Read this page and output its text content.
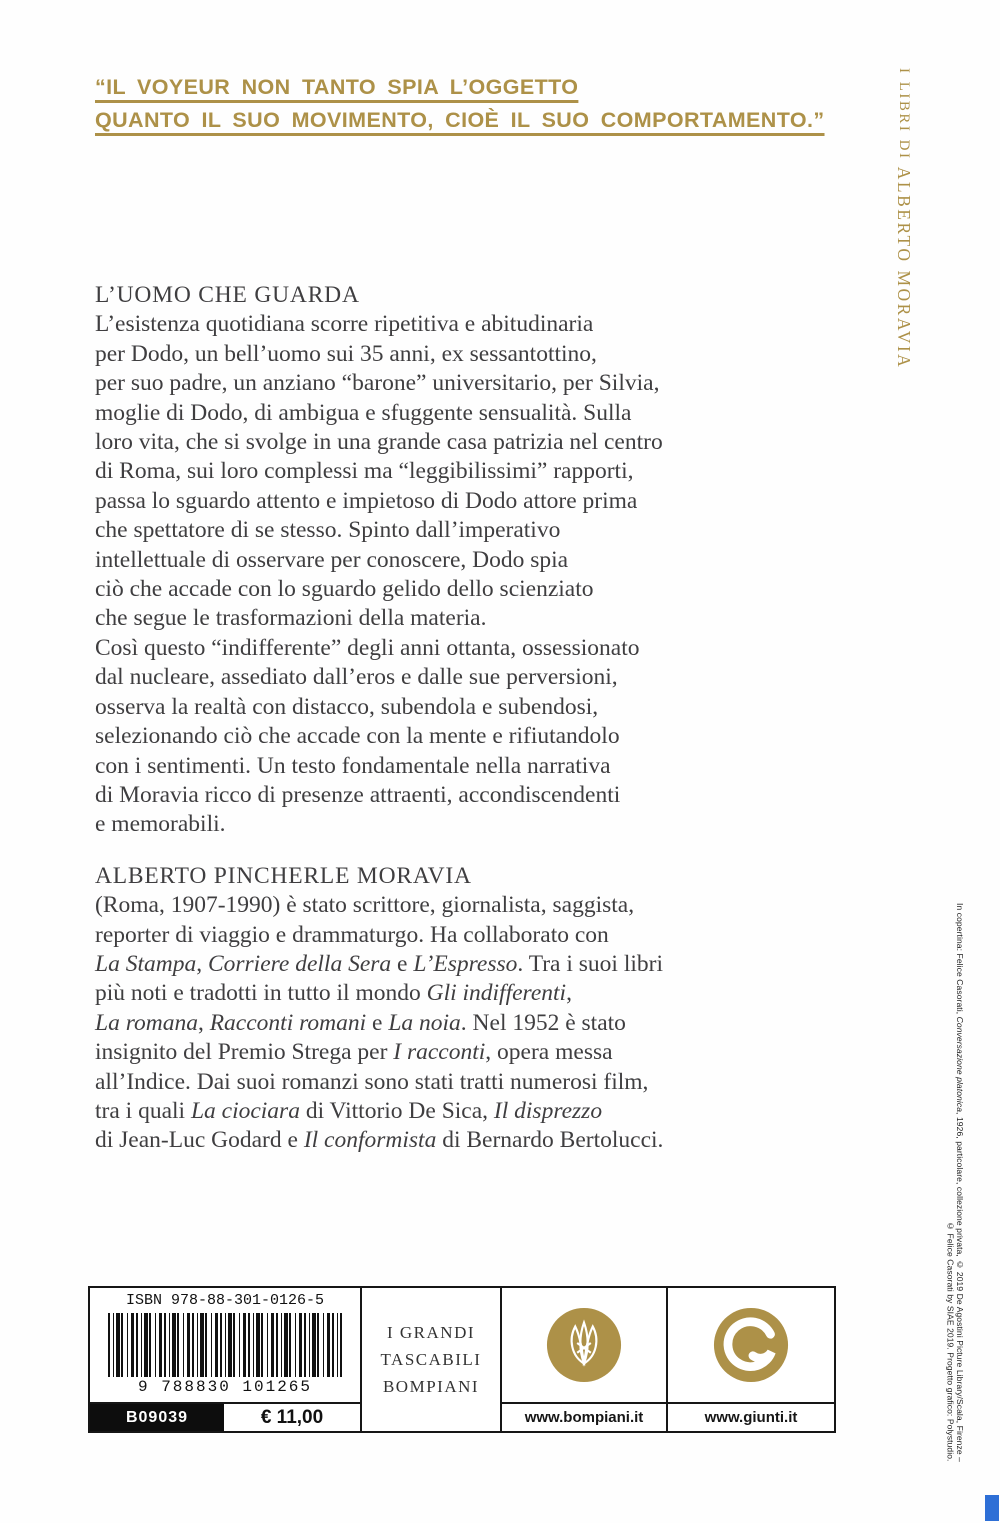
“IL VOYEUR NON TANTO SPIA L’OGGETTO
QUANTO IL SUO MOVIMENTO, CIOÈ IL SUO COMPORTAMENTO.”	I LIBRI DI ALBERTO MORAVIA
L’UOMO CHE GUARDA
L’esistenza quotidiana scorre ripetitiva e abitudinaria
per Dodo, un bell’uomo sui 35 anni, ex sessantottino,
per suo padre, un anziano “barone” universitario, per Silvia,
moglie di Dodo, di ambigua e sfuggente sensualità. Sulla
loro vita, che si svolge in una grande casa patrizia nel centro
di Roma, sui loro complessi ma “leggibilissimi” rapporti,
passa lo sguardo attento e impietoso di Dodo attore prima
che spettatore di se stesso. Spinto dall’imperativo
intellettuale di osservare per conoscere, Dodo spia
ciò che accade con lo sguardo gelido dello scienziato
che segue le trasformazioni della materia.
Così questo “indifferente” degli anni ottanta, ossessionato
dal nucleare, assediato dall’eros e dalle sue perversioni,
osserva la realtà con distacco, subendola e subendosi,
selezionando ciò che accade con la mente e rifiutandolo
con i sentimenti. Un testo fondamentale nella narrativa
di Moravia ricco di presenze attraenti, accondiscendenti
e memorabili.
ALBERTO PINCHERLE MORAVIA
(Roma, 1907-1990) è stato scrittore, giornalista, saggista,
reporter di viaggio e drammaturgo. Ha collaborato con
La Stampa, Corriere della Sera e L’Espresso. Tra i suoi libri
più noti e tradotti in tutto il mondo Gli indifferenti,
La romana, Racconti romani e La noia. Nel 1952 è stato
insignito del Premio Strega per I racconti, opera messa
all’Indice. Dai suoi romanzi sono stati tratti numerosi film,
tra i quali La ciociara di Vittorio De Sica, Il disprezzo
di Jean-Luc Godard e Il conformista di Bernardo Bertolucci.
In copertina: Felice Casorati, Conversazione platonica, 1926, particolare, collezione privata, © 2019 De Agostini Picture Library/Scala, Firenze – © Felice Casorati by SIAE 2019. Progetto grafico: Polystudio.
ISBN 978-88-301-0126-5
9 788830 101265
B09039	€ 11,00
I GRANDI
TASCABILI
BOMPIANI
www.bompiani.it	www.giunti.it
